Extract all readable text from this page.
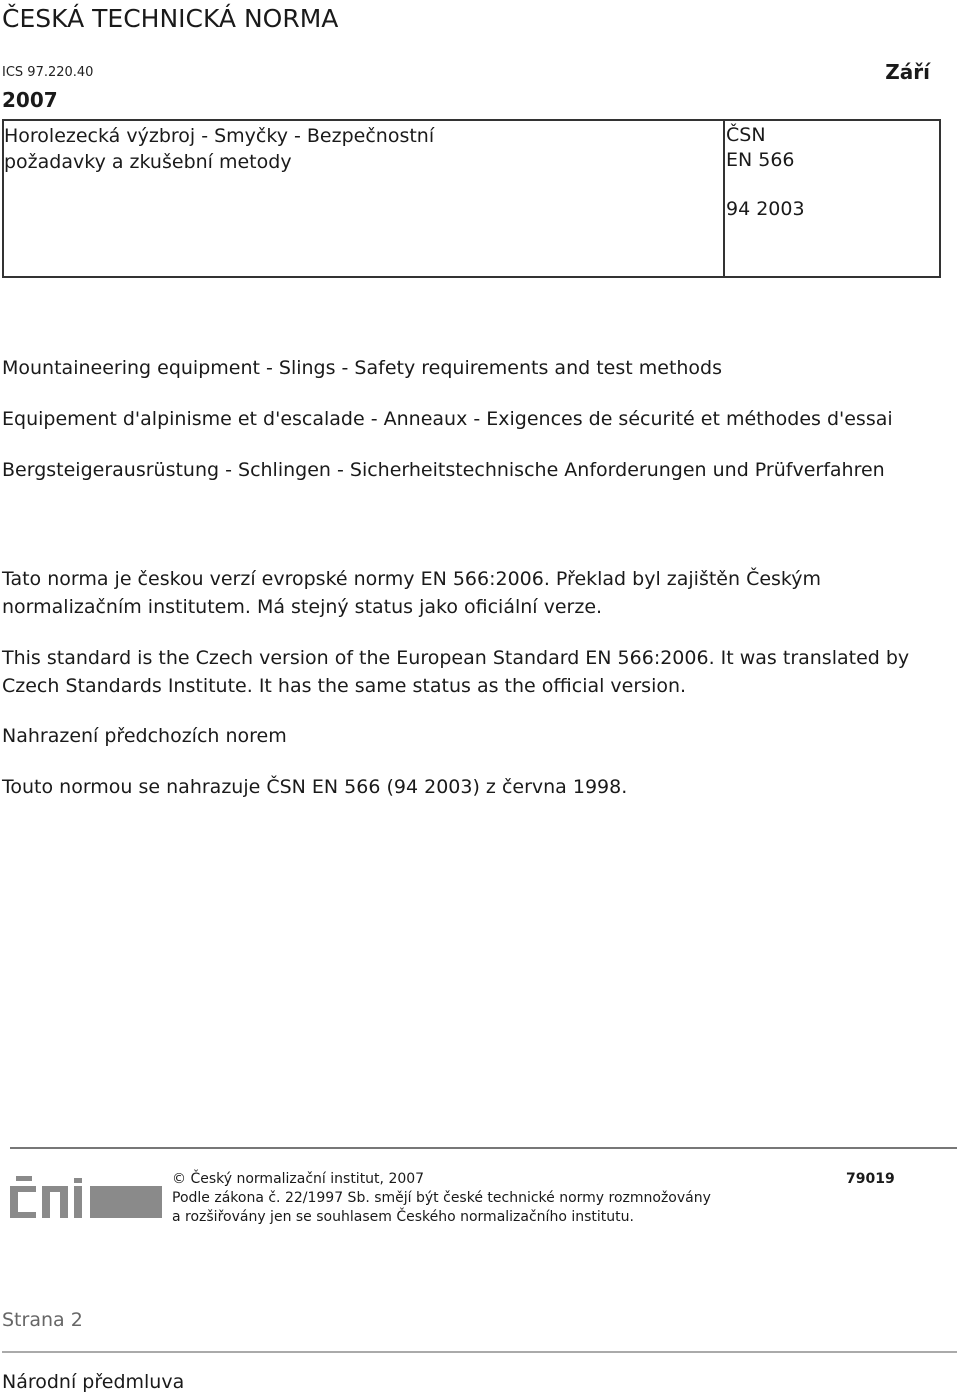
ČESKÁ TECHNICKÁ NORMA
ICS 97.220.40	Září
2007
Horolezecká výzbroj - Smyčky - Bezpečnostní
požadavky a zkušební metody
ČSN
EN 566
94 2003
Mountaineering equipment - Slings - Safety requirements and test methods
Equipement d'alpinisme et d'escalade - Anneaux - Exigences de sécurité et méthodes d'essai
Bergsteigerausrüstung - Schlingen - Sicherheitstechnische Anforderungen und Prüfverfahren
Tato norma je českou verzí evropské normy EN 566:2006. Překlad byl zajištěn Českým normalizačním institutem. Má stejný status jako oficiální verze.
This standard is the Czech version of the European Standard EN 566:2006. It was translated by Czech Standards Institute. It has the same status as the official version.
Nahrazení předchozích norem
Touto normou se nahrazuje ČSN EN 566 (94 2003) z června 1998.
© Český normalizační institut, 2007	79019
Podle zákona č. 22/1997 Sb. smějí být české technické normy rozmnožovány
a rozšiřovány jen se souhlasem Českého normalizačního institutu.
Strana 2
Národní předmluva
